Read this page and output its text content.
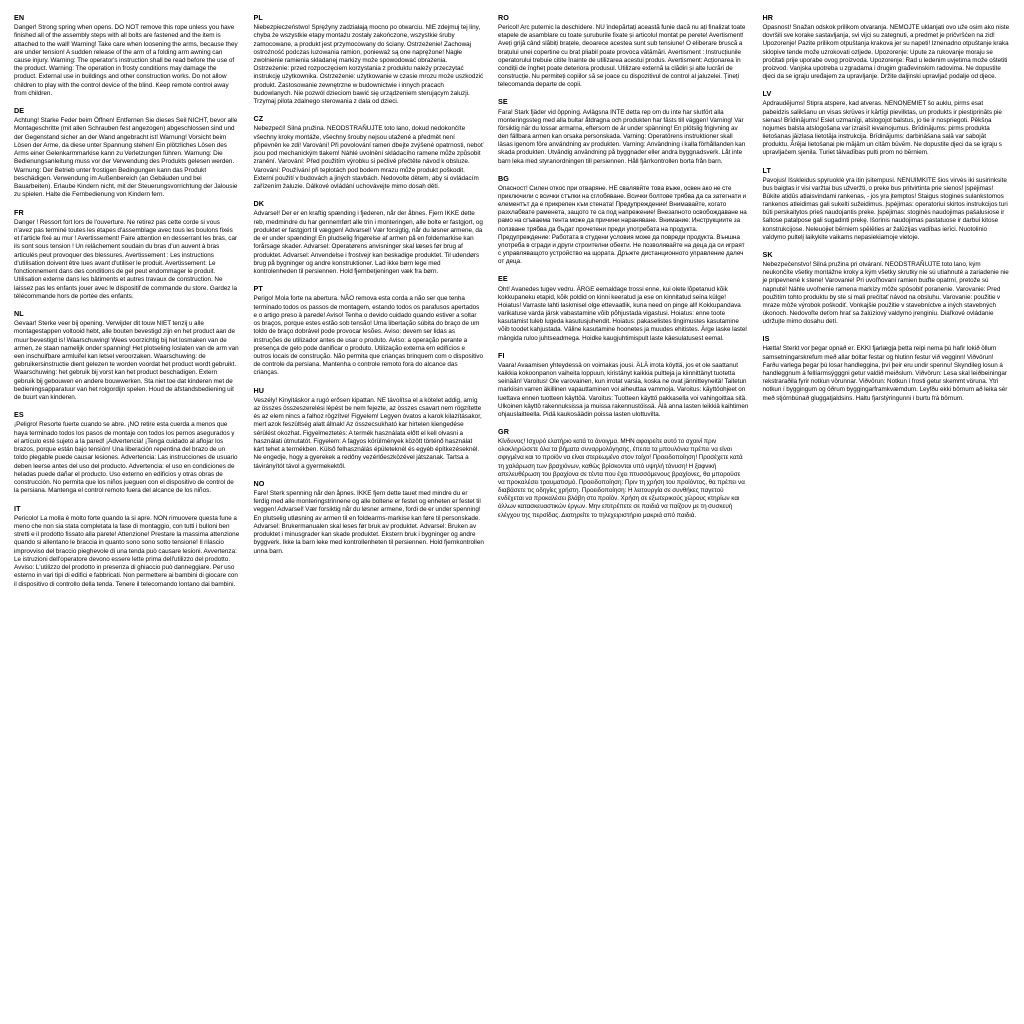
EN
Danger! Strong spring when opens. DO NOT remove this rope unless you have finished all of the assembly steps with all bolts are fastened and the item is attached to the wall! Warning! Take care when loosening the arms, because they are under tension! A sudden release of the arm of a folding arm awning can cause injury. Warning: The operator's instruction shall be read before the use of the product. Warning: The operation in frosty conditions may damage the product. External use in buildings and other construction works. Do not allow children to play with the control device of the blind. Keep remote control away from children.
DE
Achtung! Starke Feder beim Öffnen! Entfernen Sie dieses Seil NICHT, bevor alle Montageschritte (mit allen Schrauben fest angezogen) abgeschlossen sind und der Gegenstand sicher an der Wand angebracht ist! Warnung! Vorsicht beim Lösen der Arme, da diese unter Spannung stehen! Ein plötzliches Lösen des Arms einer Gelenkarmmarkise kann zu Verletzungen führen. Warnung: Die Bedienungsanleitung muss vor der Verwendung des Produkts gelesen werden. Warnung: Der Betrieb unter frostigen Bedingungen kann das Produkt beschädigen. Verwendung im Außenbereich (an Gebäuden und bei Bauarbeiten). Erlaube Kindern nicht, mit der Steuerungsvorrichtung der Jalousie zu spielen. Halte die Fernbedienung von Kindern fern.
FR
Danger ! Ressort fort lors de l'ouverture. Ne retirez pas cette corde si vous n'avez pas terminé toutes les étapes d'assemblage avec tous les boulons fixés et l'article fixé au mur ! Avertissement! Faire attention en desserrant les bras, car ils sont sous tension ! Un relâchement soudain du bras d'un auvent à bras articulés peut provoquer des blessures. Avertissement : Les instructions d'utilisation doivent être lues avant d'utiliser le produit. Avertissement: Le fonctionnement dans des conditions de gel peut endommager le produit. Utilisation externe dans les bâtiments et autres travaux de construction. Ne laissez pas les enfants jouer avec le dispositif de commande du store. Gardez la télécommande hors de portée des enfants.
NL
Gevaar! Sterke veer bij opening. Verwijder dit touw NIET tenzij u alle montagestappen voltooid hebt, alle bouten bevestigd zijn en het product aan de muur bevestigd is! Waarschuwing! Wees voorzichtig bij het losmaken van de armen, ze staan namelijk onder spanning! Het plotseling loslaten van de arm van een inschuifbare armluifel kan letsel veroorzaken. Waarschuwing: de gebruikersinstructie dient gelezen te worden voordat het product wordt gebruikt. Waarschuwing: het gebruik bij vorst kan het product beschadigen. Extern gebruik bij gebouwen en andere bouwwerken. Sta niet toe dat kinderen met de bedieningsapparatuur van het rolgordijn spelen. Houd de afstandsbediening uit de buurt van kinderen.
ES
¡Peligro! Resorte fuerte cuando se abre. ¡NO retire esta cuerda a menos que haya terminado todos los pasos de montaje con todos los pernos asegurados y el artículo esté sujeto a la pared! ¡Advertencia! ¡Tenga cuidado al aflojar los brazos, porque están bajo tensión! Una liberación repentina del brazo de un toldo plegable puede causar lesiones. Advertencia: Las instrucciones de usuario deben leerse antes del uso del producto. Advertencia: el uso en condiciones de heladas puede dañar el producto. Uso externo en edificios y otras obras de construcción. No permita que los niños jueguen con el dispositivo de control de la persiana. Mantenga el control remoto fuera del alcance de los niños.
IT
Pericolo! La molla è molto forte quando la si apre. NON rimuovere questa fune a meno che non sia stata completata la fase di montaggio, con tutti i bulloni ben stretti e il prodotto fissato alla parete! Attenzione! Prestare la massima attenzione quando si allentano le braccia in quanto sono sono sotto tensione! Il rilascio improvviso del braccio pieghevole di una tenda può causare lesioni. Avvertenza: Le istruzioni dell'operatore devono essere lette prima dell'utilizzo del prodotto. Avviso: L'utilizzo del prodotto in presenza di ghiaccio può danneggiare. Per uso esterno in vari tipi di edifici e fabbricati. Non permettere ai bambini di giocare con il dispositivo di controllo della tenda. Tenere il telecomando lontano dai bambini.
PL
Niebezpieczeństwo! Sprężyny zadziałają mocno po otwarciu. NIE zdejmuj tej liny, chyba że wszystkie etapy montażu zostały zakończone, wszystkie śruby zamocowane, a produkt jest przymocowany do ściany. Ostrzeżenie! Zachowaj ostrożność podczas luzowania ramion, ponieważ są one naprężone! Nagłe zwolnienie ramienia składanej markizy może spowodować obrażenia. Ostrzeżenie: przed rozpoczęciem korzystania z produktu należy przeczytać instrukcję użytkownika. Ostrzeżenie: użytkowanie w czasie mrozu może uszkodzić produkt. Zastosowanie zewnętrzne w budownictwie i innych pracach budowlanych. Nie pozwól dzieciom bawić się urządzeniem sterującym żaluzji. Trzymaj pilota zdalnego sterowania z dala od dzieci.
CZ
Nebezpečí! Silná pružina. NEODSTRAŇUJTE toto lano, dokud nedokončíte všechny kroky montáže, všechny šrouby nejsou utažené a předmět není připevněn ke zdi! Varování! Při povolování ramen dbejte zvýšené opatrnosti, neboť jsou pod mechanickým tlakem! Náhlé uvolnění skládacího ramene může způsobit zranění. Varování: Před použitím výrobku si pečlivě přečtěte návod k obsluze. Varování: Používání při teplotách pod bodem mrazu může produkt poškodit. Externí použití v budovách a jiných stavbách. Nedovolte dětem, aby si ovládacím zařízením žaluzie. Dálkové ovládání uchovávejte mimo dosah dětí.
DK
Advarsel! Der er en kraftig spænding i fjederen, når der åbnes. Fjern IKKE dette reb, medmindre du har gennemført alle trin i monteringen, alle bolte er fastgjort, og produktet er fastgjort til væggen! Advarsel! Vær forsigtig, når du løsner armene, da de er under spænding! En pludselig frigørelse af armen på en foldemarkise kan forårsage skader. Advarsel: Operatørens anvisninger skal læses før brug af produktet. Advarsel: Anvendelse i frostvejr kan beskadige produktet. Til udendørs brug på bygninger og andre konstruktioner. Lad ikke børn lege med kontrolenheden til persiennen. Hold fjernbetjeningen væk fra børn.
PT
Perigo! Mola forte na abertura. NÃO remova esta corda a não ser que tenha terminado todos os passos de montagem, estando todos os parafusos apertados e o artigo preso à parede! Aviso! Tenha o devido cuidado quando estiver a soltar os braços, porque estes estão sob tensão! Uma libertação súbita do braço de um toldo de braço dobrável pode provocar lesões. Aviso: devem ser lidas as instruções de utilizador antes de usar o produto. Aviso: a operação perante a presença de gelo pode danificar o produto. Utilização externa em edifícios e outros locais de construção. Não permita que crianças brinquem com o dispositivo de controle da persiana. Mantenha o controle remoto fora do alcance das crianças.
HU
Veszély! Kinyitáskor a rugó erősen kipattan. NE távolítsa el a kötelet addig, amíg az összes összeszerelési lépést be nem fejezte, az összes csavart nem rögzítette és az elem nincs a falhoz rögzítve! Figyelem! Legyen óvatos a karok kilazításakor, mert azok feszültség alatt állnak! Az összecsukható kar hirtelen kiengedése sérülést okozhat. Figyelmeztetés: A termék használata előtt el kell olvasni a használati útmutatót. Figyelem: A fagyos körülmények között történő használat kárt tehet a termékben. Külső felhasználás épületeknél és egyéb építkezéseknél. Ne engedje, hogy a gyerekek a redőny vezérlőeszközével játszanak. Tartsa a távirányítót távol a gyermekektől.
NO
Fare! Sterk spenning når den åpnes. IKKE fjern dette tauet med mindre du er ferdig med alle monteringstrinnene og alle boltene er festet og enheten er festet til veggen! Advarsel! Vær forsiktig når du løsner armene, fordi de er under spenning! En plutselig utløsning av armen til en foldearms-markise kan føre til personskade. Advarsel: Brukermanualen skal leses før bruk av produktet. Advarsel: Bruken av produktet i minusgrader kan skade produktet. Ekstern bruk i bygninger og andre byggverk. Ikke la barn leke med kontrollenheten til persiennen. Hold fjernkontrollen unna barn.
RO
Pericol! Arc puternic la deschidere. NU îndepărtați această funie dacă nu ați finalizat toate etapele de asamblare cu toate șuruburile fixate și articolul montat pe perete! Avertisment! Aveți grijă când slăbiți brațele, deoarece acestea sunt sub tensiune! O eliberare bruscă a brațului unei copertine cu brat pliabil poate provoca vătămări. Avertisment : Instrucțiunile operatorului trebuie citite înainte de utilizarea acestui produs. Avertisment: Acționarea în condiții de îngheț poate deteriora produsul. Utilizare externă la clădiri și alte lucrări de construcție. Nu permiteți copiilor să se joace cu dispozitivul de control al jaluzelei. Țineți telecomanda departe de copii.
SE
Fara! Stark fjäder vid öppning. Avlägsna INTE detta rep om du inte har slutfört alla monteringssteg med alla bultar åtdragna och produkten har fästs till väggen! Varning! Var försiktig när du lossar armarna, eftersom de är under spänning! En plötslig frigivning av den fällbara armen kan orsaka personskada. Varning: Operatörens instruktioner skall läsas igenom före användning av produkten. Varning: Användning i kalla förhållanden kan skada produkten. Utvändig användning på byggnader eller andra byggnadsverk. Låt inte barn leka med styranordningen till persiennen. Håll fjärrkontrollen borta från barn.
BG
Опасност! Силен откос при отваряне. НЕ свалявйте това въже, освен ако не сте приключили с всички стъпки на сглобяване. Всички болтове трябва да са затегнати и елементът да е прикрепен към стената! Предупреждение! Внимавайте, когато разхлабвате раменета, защото те са под напрежение! Внезапното освобождаване на рамо на сгъваема тента може да причини нараняване. Внимание: Инструкциите за ползване трябва да бъдат прочетени преди употребата на продукта. Предупреждение: Работата в студени условия може да повреди продукта. Външна употреба в сгради и други строителни обекти. Не позволявайте на деца да си играят с управляващото устройство на щората. Дръжте дистанционното управление далеч от деца.
EE
Oht! Avanedes tugev vedru. ÄRGE eemaldage trossi enne, kui olete lõpetanud kõik kokkupaneku etapid, kõik poldid on kinni keeratud ja ese on kinnitatud seina külge! Hoiatus! Varraste lahti laskmisel olge ettevaatlik, kuna need on pinge all! Kokkupandava varikatuse varda järsk vabastamine võib põhjustada vigastusi. Hoiatus: enne toote kasutamist tuleb lugeda kasutusjuhendit. Hoiatus: pakaselistes tingimustes kasutamine võib toodet kahjustada. Väline kasutamine hoonetes ja muudes ehitistes. Ärge laske lastel mängida ruloo juhtseadmega. Hoidke kaugjuhtimispult laste käesulatusest eemal.
FI
Vaara! Avaamisen yhteydessä on voimakas jousi. ÄLÄ irrota köyttä, jos et ole saattanut kaikkia kokoonpanon vaiheita loppuun, kiristänyt kaikkia pultteja ja kiinnittänyt tuotetta seinään! Varoitus! Ole varovainen, kun irrotat varsia, koska ne ovat jännitteyneitä! Taitetun markiisin varren äkillinen vapauttaminen voi aiheuttaa vammoja. Varoitus: käyttöohjeet on luettava ennen tuotteen käyttöä. Varoitus: Tuotteen käyttö pakkasella voi vahingoittaa sitä. Ulkoinen käyttö rakennuksissa ja muissa rakennustöissä. Älä anna lasten leikkiä kaihtimen ohjauslaitteella. Pidä kaukosäädin poissa lasten ulottuvilta.
GR
Κίνδυνος! Ισχυρό ελατήριο κατά το άνοιγμα. ΜΗΝ αφαιρείτε αυτό το σχοινί πριν ολοκληρώσετε όλα τα βήματα συναρμολόγησης, έπειτα τα μπουλόνια πρέπει να είναι σφιγμένα και το προϊόν να είναι στερεωμένο στον τοίχο! Προειδοποίηση! Προσέχετε κατά τη χαλάρωση των βραχιόνων, καθώς βρίσκονται υπό υψηλή τάνυση! Η ξαφνική απελευθέρωση του βραχίονα σε τέντα που έχει πτυσσόμενους βραχίονες, θα μπορούσε να προκαλέσει τραυματισμό. Προειδοποίηση: Πριν τη χρήση του προϊόντος, θα πρέπει να διαβάσετε τις οδηγίες χρήστη. Προειδοποίηση: Η λειτουργία σε συνθήκες παγετού ενδέχεται να προκαλέσει βλάβη στο προϊόν. Χρήση σε εξωτερικούς χώρους κτηρίων και άλλων κατασκευαστικών έργων. Μην επιτρέπετε σε παιδιά να παίζουν με τη συσκευή ελέγχου της περσίδας. Διατηρείτε το τηλεχειριστήριο μακριά από παιδιά.
HR
Opasnost! Snažan odskok prilikom otvaranja. NEMOJTE uklanjati ovo uže osim ako niste dovršili sve korake sastavljanja, svi vijci su zategnuti, a predmet je pričvršćen na zid! Upozorenje! Pazite prilikom otpuštanja krakova jer su napeti! Iznenadno otpuštanje kraka sklopive tende može uzrokovati ozljede. Upozorenje: Upute za rukovanje moraju se pročitati prije uporabe ovog proizvoda. Upozorenje: Rad u ledenim uvjetima može oštetiti proizvod. Vanjska upotreba u zgradama i drugim građevinskim radovima. Ne dopustite djeci da se igraju uređajem za upravljanje. Držite daljinski upravljač podalje od djece.
LV
Apdraudējums! Stipra atspere, kad atveras. NENOŅEMIET šo auklu, pirms esat pabeidzis salikšanu un visas skrūves ir kārtīgi pievilktas, un produkts ir piestiprināts pie sienas! Brīdinājums! Esiet uzmanīgi, atslogojot balstus, jo tie ir nospriegoti. Pēkšņa nojumes balsta atslogošana var izraisīt ievainojumus. Brīdinājums: pirms produkta lietošanas jāizlasa lietotāja instrukcija. Brīdinājums: darbināšana salā var sabojāt produktu. Ārējai lietošanai pie mājām un citām būvēm. Ne dopustite djeci da se igraju s upravljačem sjenila. Turiet tālvadības pulti prom no bērniem.
LT
Pavojus! Išskleidus spyruoklė yra itin įsitempusi. NENUIMKITE šios virvės iki susirinksite bus baigtas ir visi varžtai bus užveržti, o preke bus pritvirtinta prie sienos! Įspėjimas! Būkite atidūs atlaisvindami rankenas, - jos yra įtemptos! Staigus stogines sulankstomos rankenos atleidimas gali sukelti sužeidimus. Įspėjimas: operatoriui skirtos instrukcijos turi būti perskaitytos prieš naudojantis preke. Įspėjimas: stoginės naudojimas pašalusiose ir šaltose patalpose gali sugadinti prekę. Išorinis naudojimas pastatuose ir darbui kitose konstrukcijose. Neleuojiet bērniem spēlēties ar žalūzijas vadības ierīci. Nuotolinio valdymo pultelį laikykite vaikams nepasiekiamoje vietoje.
SK
Nebezpečenstvo! Silná pružina pri otváraní. NEODSTRAŇUJTE toto lano, kým neukončíte všetky montážne kroky a kým všetky skrutky nie sú utiahnuté a zariadenie nie je pripevnené k stene! Varovanie! Pri uvoľňovaní ramien buďte opatrní, pretože sú napnuté! Náhle uvoľnenie ramena markízy môže spôsobiť poranenie. Varovanie: Pred použitím tohto produktu by ste si mali prečítať návod na obsluhu. Varovanie: použitie v mraze môže výrobok poškodiť. Vonkajšie použitie v stavebníctve a iných stavebných úkonoch. Nedovoľte deťom hrať sa žalúziový valdymo įrenginiu. Diaľkové ovládanie udržujte mimo dosahu detí.
IS
Hætta! Sterkt vor þegar opnað er. EKKI fjarlægja þetta reipi nema þú hafir lokið öllum samsetningarskrefum með allar boltar festar og hlutinn festur við vegginn! Viðvörun! Farðu varlega þegar þú losar handleggina, því þeir eru undir spennu! Skyndileg losun á handleggnum á fellíarmsýgggni getur valdið meiðslum. Viðvörun: Lesa skal leiðbeiningar rekstraraðila fyrir notkun vörunnar. Viðvörun: Notkun í frosti getur skemmt vöruna. Ytri notkun í byggingum og öðrum byggingarframkvæmdum. Leyfðu ekki börnum að leika sér með stjórnbúnað gluggatjaldsins. Haltu fjarstýringunni í burtu frá börnum.
